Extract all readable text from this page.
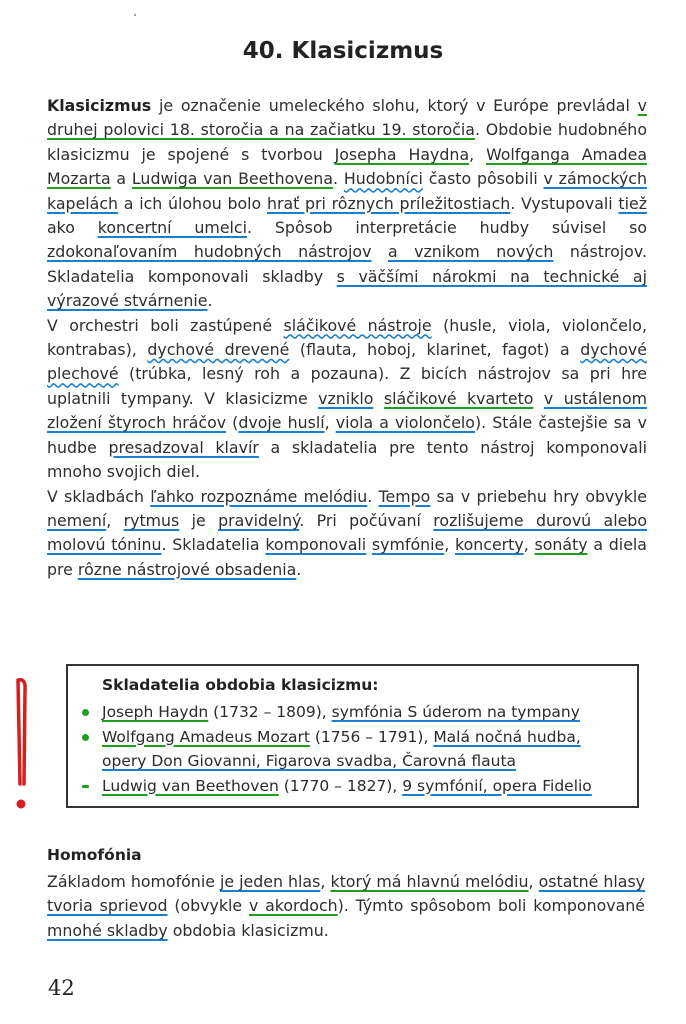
40. Klasicizmus

Klasicizmus je označenie umeleckého slohu, ktorý v Európe prevládal v druhej polovici 18. storočia a na začiatku 19. storočia. Obdobie hudobného klasicizmu je spojené s tvorbou Josepha Haydna, Wolfganga Amadea Mozarta a Ludwiga van Beethovena. Hudobníci často pôsobili v zámockých kapelách a ich úlohou bolo hrať pri rôznych príležitostiach. Vystupovali tiež ako koncertní umelci. Spôsob interpretácie hudby súvisel so zdokonaľovaním hudobných nástrojov a vznikom nových nástrojov. Skladatelia komponovali skladby s väčšími nárokmi na technické aj výrazové stvárnenie.

V orchestri boli zastúpené sláčikové nástroje (husle, viola, violončelo, kontrabas), dychové drevené (flauta, hoboj, klarinet, fagot) a dychové plechové (trúbka, lesný roh a pozauna). Z bicích nástrojov sa pri hre uplatnili tympany. V klasicizme vzniklo sláčikové kvarteto v ustálenom zložení štyroch hráčov (dvoje huslí, viola a violončelo). Stále častejšie sa v hudbe presadzoval klavír a skladatelia pre tento nástroj komponovali mnoho svojich diel.

V skladbách ľahko rozpoznáme melódiu. Tempo sa v priebehu hry obvykle nemení, rytmus je pravidelný. Pri počúvaní rozlišujeme durovú alebo molovú tóninu. Skladatelia komponovali symfónie, koncerty, sonáty a diela pre rôzne nástrojové obsadenia.

Skladatelia obdobia klasicizmu:
Joseph Haydn (1732 – 1809), symfónia S úderom na tympany
Wolfgang Amadeus Mozart (1756 – 1791), Malá nočná hudba, opery Don Giovanni, Figarova svadba, Čarovná flauta
Ludwig van Beethoven (1770 – 1827), 9 symfónií, opera Fidelio
Homofónia

Základom homofónie je jeden hlas, ktorý má hlavnú melódiu, ostatné hlasy tvoria sprievod (obvykle v akordoch). Týmto spôsobom boli komponované mnohé skladby obdobia klasicizmu.

42
